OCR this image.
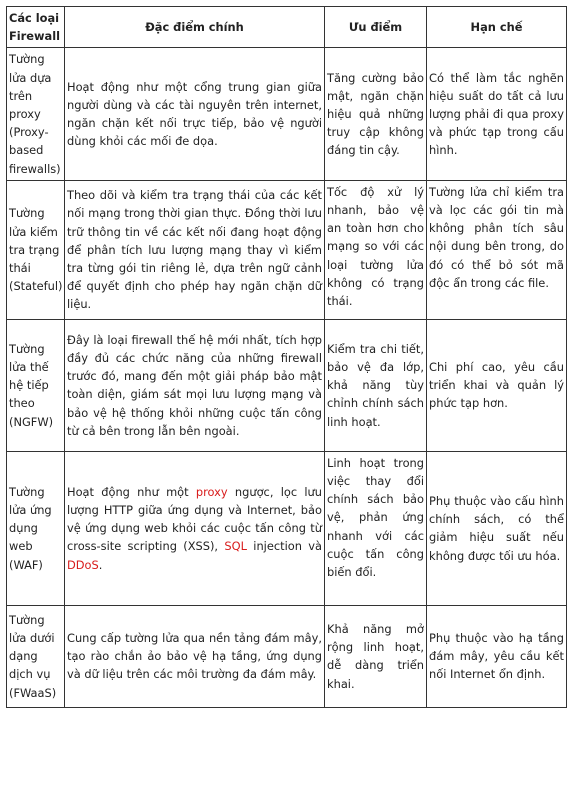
Các loại Firewall	Đặc điểm chính	Ưu điểm	Hạn chế
Tường lửa dựa trên proxy (Proxy-based firewalls)	Hoạt động như một cổng trung gian giữa người dùng và các tài nguyên trên internet, ngăn chặn kết nối trực tiếp, bảo vệ người dùng khỏi các mối đe dọa.	Tăng cường bảo mật, ngăn chặn hiệu quả những truy cập không đáng tin cậy.	Có thể làm tắc nghẽn hiệu suất do tất cả lưu lượng phải đi qua proxy và phức tạp trong cấu hình.
Tường lửa kiểm tra trạng thái (Stateful)	Theo dõi và kiểm tra trạng thái của các kết nối mạng trong thời gian thực. Đồng thời lưu trữ thông tin về các kết nối đang hoạt động để phân tích lưu lượng mạng thay vì kiểm tra từng gói tin riêng lẻ, dựa trên ngữ cảnh để quyết định cho phép hay ngăn chặn dữ liệu.	Tốc độ xử lý nhanh, bảo vệ an toàn hơn cho mạng so với các loại tường lửa không có trạng thái.	Tường lửa chỉ kiểm tra và lọc các gói tin mà không phân tích sâu nội dung bên trong, do đó có thể bỏ sót mã độc ẩn trong các file.
Tường lửa thế hệ tiếp theo (NGFW)	Đây là loại firewall thế hệ mới nhất, tích hợp đầy đủ các chức năng của những firewall trước đó, mang đến một giải pháp bảo mật toàn diện, giám sát mọi lưu lượng mạng và bảo vệ hệ thống khỏi những cuộc tấn công từ cả bên trong lẫn bên ngoài.	Kiểm tra chi tiết, bảo vệ đa lớp, khả năng tùy chỉnh chính sách linh hoạt.	Chi phí cao, yêu cầu triển khai và quản lý phức tạp hơn.
Tường lửa ứng dụng web (WAF)	Hoạt động như một proxy ngược, lọc lưu lượng HTTP giữa ứng dụng và Internet, bảo vệ ứng dụng web khỏi các cuộc tấn công từ cross-site scripting (XSS), SQL injection và DDoS.	Linh hoạt trong việc thay đổi chính sách bảo vệ, phản ứng nhanh với các cuộc tấn công biến đổi.	Phụ thuộc vào cấu hình chính sách, có thể giảm hiệu suất nếu không được tối ưu hóa.
Tường lửa dưới dạng dịch vụ (FWaaS)	Cung cấp tường lửa qua nền tảng đám mây, tạo rào chắn ảo bảo vệ hạ tầng, ứng dụng và dữ liệu trên các môi trường đa đám mây.	Khả năng mở rộng linh hoạt, dễ dàng triển khai.	Phụ thuộc vào hạ tầng đám mây, yêu cầu kết nối Internet ổn định.
